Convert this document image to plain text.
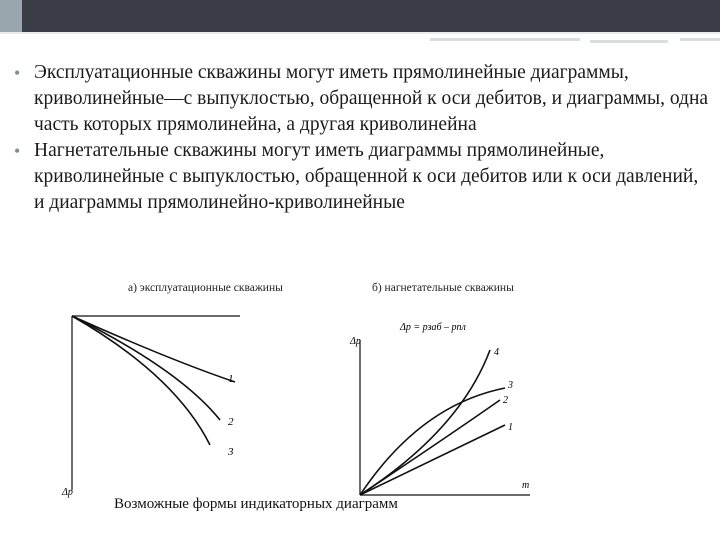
• Эксплуатационные скважины могут иметь прямолинейные диаграммы, криволинейные—с выпуклостью, обращенной к оси дебитов, и диаграммы, одна часть которых прямолинейна, а другая криволинейна
• Нагнетательные скважины могут иметь диаграммы прямолинейные, криволинейные с выпуклостью, обращенной к оси дебитов или к оси давлений, и диаграммы прямолинейно-криволинейные
а) эксплуатационные скважины	б) нагнетательные скважины
1
2
3
Δp
Δp = pзаб – pпл
Δp
m
4
3
2
1
Возможные формы индикаторных диаграмм
